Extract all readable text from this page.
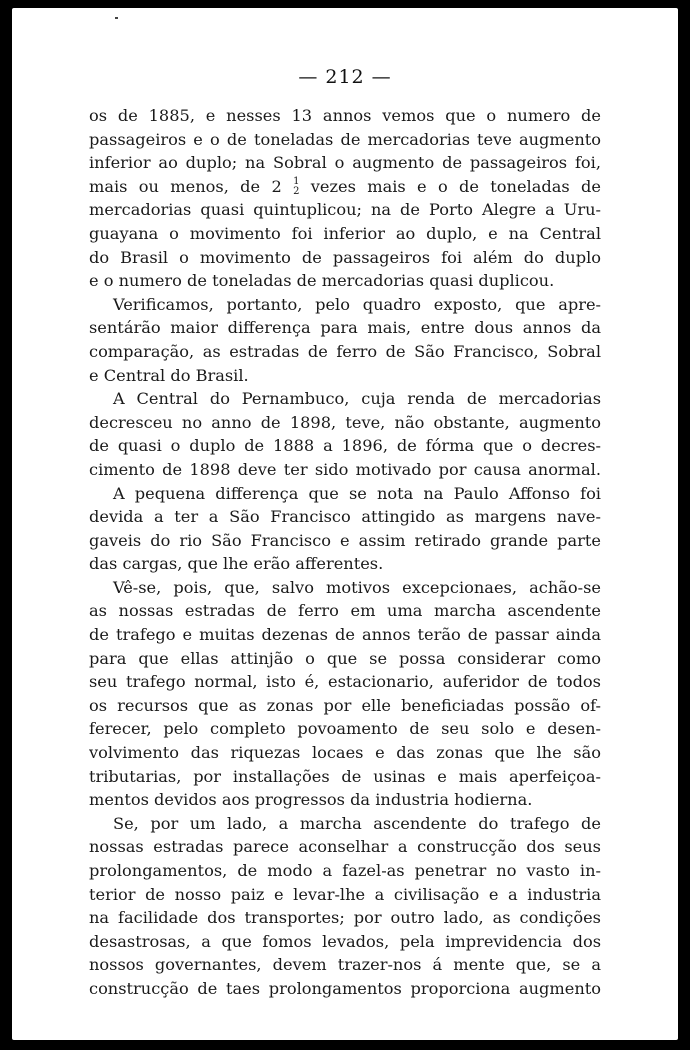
— 212 —
os de 1885, e nesses 13 annos vemos que o numero de
passageiros e o de toneladas de mercadorias teve augmento
inferior ao duplo; na Sobral o augmento de passageiros foi,
mais ou menos, de 2 1
2 vezes mais e o de toneladas de
mercadorias quasi quintuplicou; na de Porto Alegre a Uru-
guayana o movimento foi inferior ao duplo, e na Central
do Brasil o movimento de passageiros foi além do duplo
e o numero de toneladas de mercadorias quasi duplicou.
Verificamos, portanto, pelo quadro exposto, que apre-
sentárão maior differença para mais, entre dous annos da
comparação, as estradas de ferro de São Francisco, Sobral
e Central do Brasil.
A Central do Pernambuco, cuja renda de mercadorias
decresceu no anno de 1898, teve, não obstante, augmento
de quasi o duplo de 1888 a 1896, de fórma que o decres-
cimento de 1898 deve ter sido motivado por causa anormal.
A pequena differença que se nota na Paulo Affonso foi
devida a ter a São Francisco attingido as margens nave-
gaveis do rio São Francisco e assim retirado grande parte
das cargas, que lhe erão afferentes.
Vê-se, pois, que, salvo motivos excepcionaes, achão-se
as nossas estradas de ferro em uma marcha ascendente
de trafego e muitas dezenas de annos terão de passar ainda
para que ellas attinjão o que se possa considerar como
seu trafego normal, isto é, estacionario, auferidor de todos
os recursos que as zonas por elle beneficiadas possão of-
ferecer, pelo completo povoamento de seu solo e desen-
volvimento das riquezas locaes e das zonas que lhe são
tributarias, por installações de usinas e mais aperfeiçoa-
mentos devidos aos progressos da industria hodierna.
Se, por um lado, a marcha ascendente do trafego de
nossas estradas parece aconselhar a construcção dos seus
prolongamentos, de modo a fazel-as penetrar no vasto in-
terior de nosso paiz e levar-lhe a civilisação e a industria
na facilidade dos transportes; por outro lado, as condições
desastrosas, a que fomos levados, pela imprevidencia dos
nossos governantes, devem trazer-nos á mente que, se a
construcção de taes prolongamentos proporciona augmento
